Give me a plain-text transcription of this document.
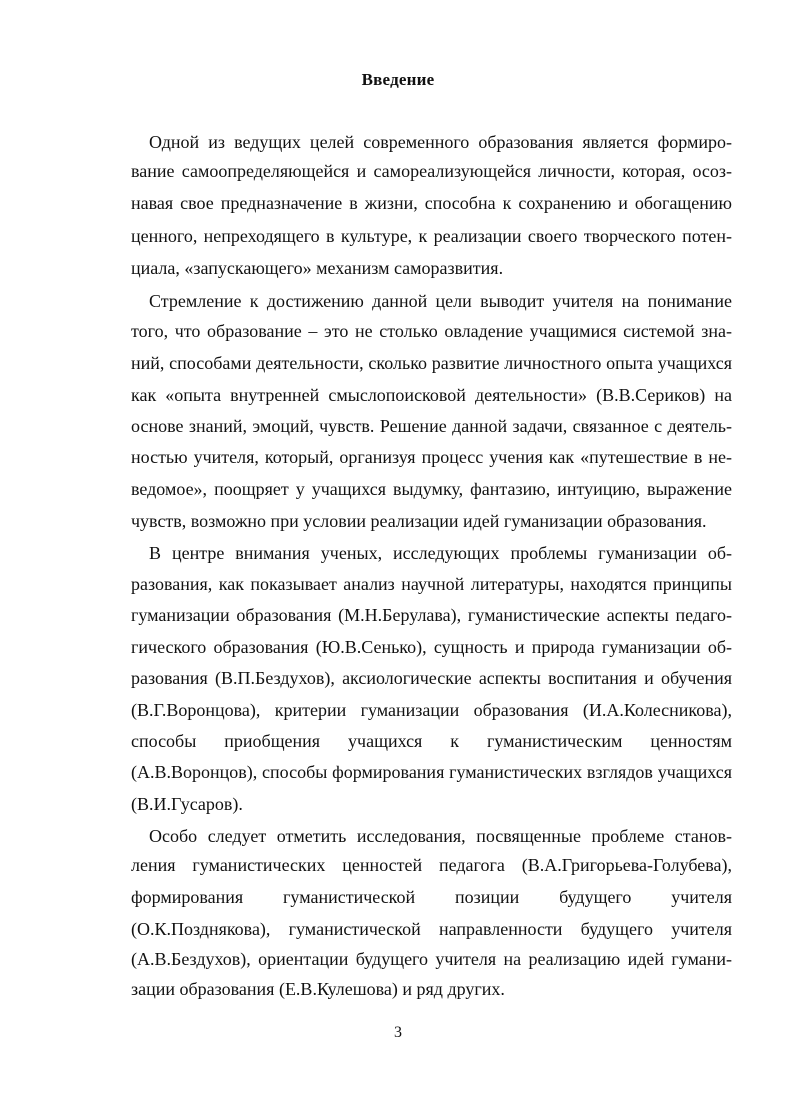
Введение
Одной из ведущих целей современного образования является формиро-
вание самоопределяющейся и самореализующейся личности, которая, осоз-
навая свое предназначение в жизни, способна к сохранению и обогащению
ценного, непреходящего в культуре, к реализации своего творческого потен-
циала, «запускающего» механизм саморазвития.
Стремление к достижению данной цели выводит учителя на понимание
того, что образование – это не столько овладение учащимися системой зна-
ний, способами деятельности, сколько развитие личностного опыта учащихся
как «опыта внутренней смыслопоисковой деятельности» (В.В.Сериков) на
основе знаний, эмоций, чувств. Решение данной задачи, связанное с деятель-
ностью учителя, который, организуя процесс учения как «путешествие в не-
ведомое», поощряет у учащихся выдумку, фантазию, интуицию, выражение
чувств, возможно при условии реализации идей гуманизации образования.
В центре внимания ученых, исследующих проблемы гуманизации об-
разования, как показывает анализ научной литературы, находятся принципы
гуманизации образования (М.Н.Берулава), гуманистические аспекты педаго-
гического образования (Ю.В.Сенько), сущность и природа гуманизации об-
разования (В.П.Бездухов), аксиологические аспекты воспитания и обучения
(В.Г.Воронцова), критерии гуманизации образования (И.А.Колесникова),
способы приобщения учащихся к гуманистическим ценностям
(А.В.Воронцов), способы формирования гуманистических взглядов учащихся
(В.И.Гусаров).
Особо следует отметить исследования, посвященные проблеме станов-
ления гуманистических ценностей педагога (В.А.Григорьева-Голубева),
формирования гуманистической позиции будущего учителя
(О.К.Позднякова), гуманистической направленности будущего учителя
(А.В.Бездухов), ориентации будущего учителя на реализацию идей гумани-
зации образования (Е.В.Кулешова) и ряд других.
3
